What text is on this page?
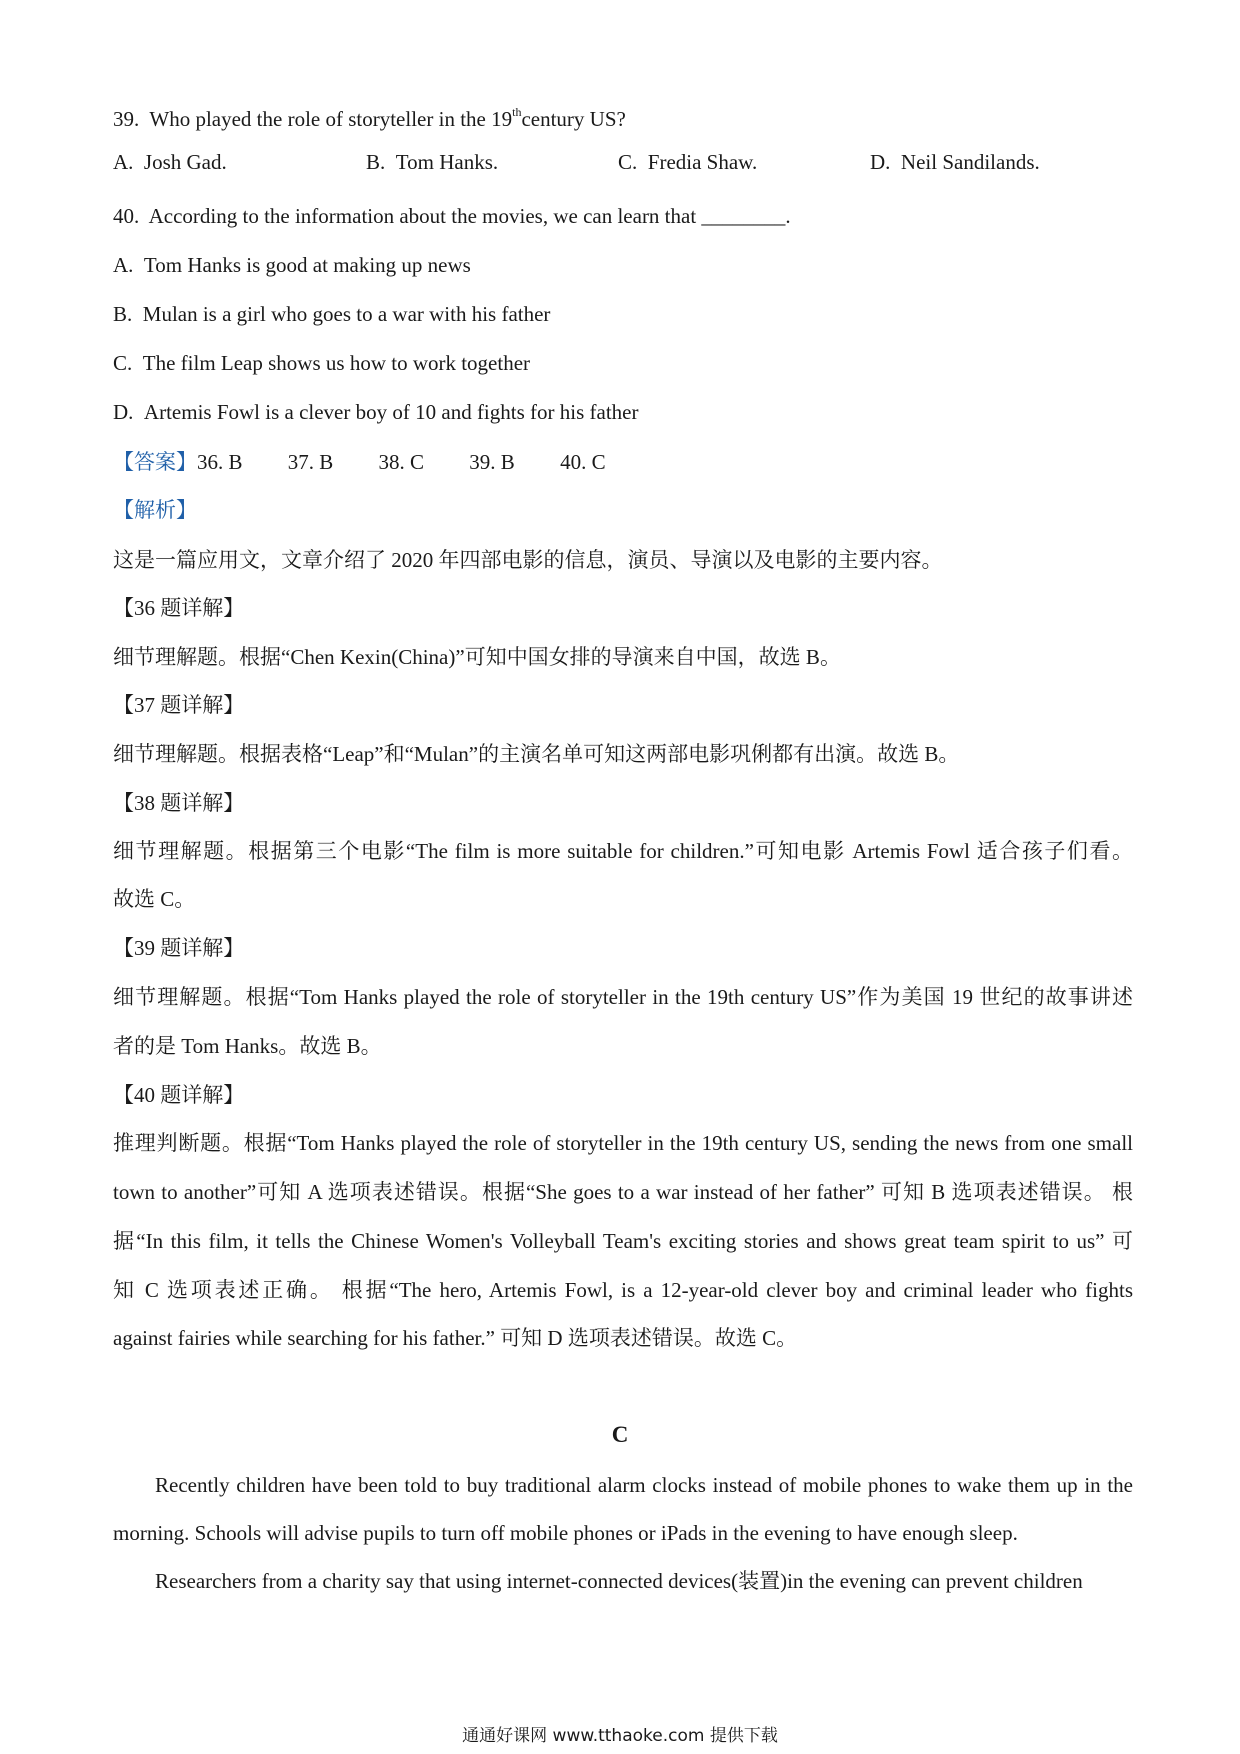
39. Who played the role of storyteller in the 19thcentury US?
A. Josh Gad.	B. Tom Hanks.	C. Fredia Shaw.	D. Neil Sandilands.
40. According to the information about the movies, we can learn that ________.
A. Tom Hanks is good at making up news
B. Mulan is a girl who goes to a war with his father
C. The film Leap shows us how to work together
D. Artemis Fowl is a clever boy of 10 and fights for his father
【答案】36. B 37. B 38. C 39. B 40. C
【解析】
这是一篇应用文，文章介绍了 2020 年四部电影的信息，演员、导演以及电影的主要内容。
【36 题详解】
细节理解题。根据“Chen Kexin(China)”可知中国女排的导演来自中国，故选 B。
【37 题详解】
细节理解题。根据表格“Leap”和“Mulan”的主演名单可知这两部电影巩俐都有出演。故选 B。
【38 题详解】
细节理解题。根据第三个电影“The film is more suitable for children.”可知电影 Artemis Fowl 适合孩子们看。
故选 C。
【39 题详解】
细节理解题。根据“Tom Hanks played the role of storyteller in the 19th century US”作为美国 19 世纪的故事讲述
者的是 Tom Hanks。故选 B。
【40 题详解】
推理判断题。根据“Tom Hanks played the role of storyteller in the 19th century US, sending the news from one small
town to another”可知 A 选项表述错误。根据“She goes to a war instead of her father” 可知 B 选项表述错误。 根
据“In this film, it tells the Chinese Women's Volleyball Team's exciting stories and shows great team spirit to us” 可
知 C 选项表述正确。 根据“The hero, Artemis Fowl, is a 12-year-old clever boy and criminal leader who fights
against fairies while searching for his father.” 可知 D 选项表述错误。故选 C。
C
Recently children have been told to buy traditional alarm clocks instead of mobile phones to wake them up in the
morning. Schools will advise pupils to turn off mobile phones or iPads in the evening to have enough sleep.
Researchers from a charity say that using internet-connected devices(装置)in the evening can prevent children
通通好课网 www.tthaoke.com 提供下载
